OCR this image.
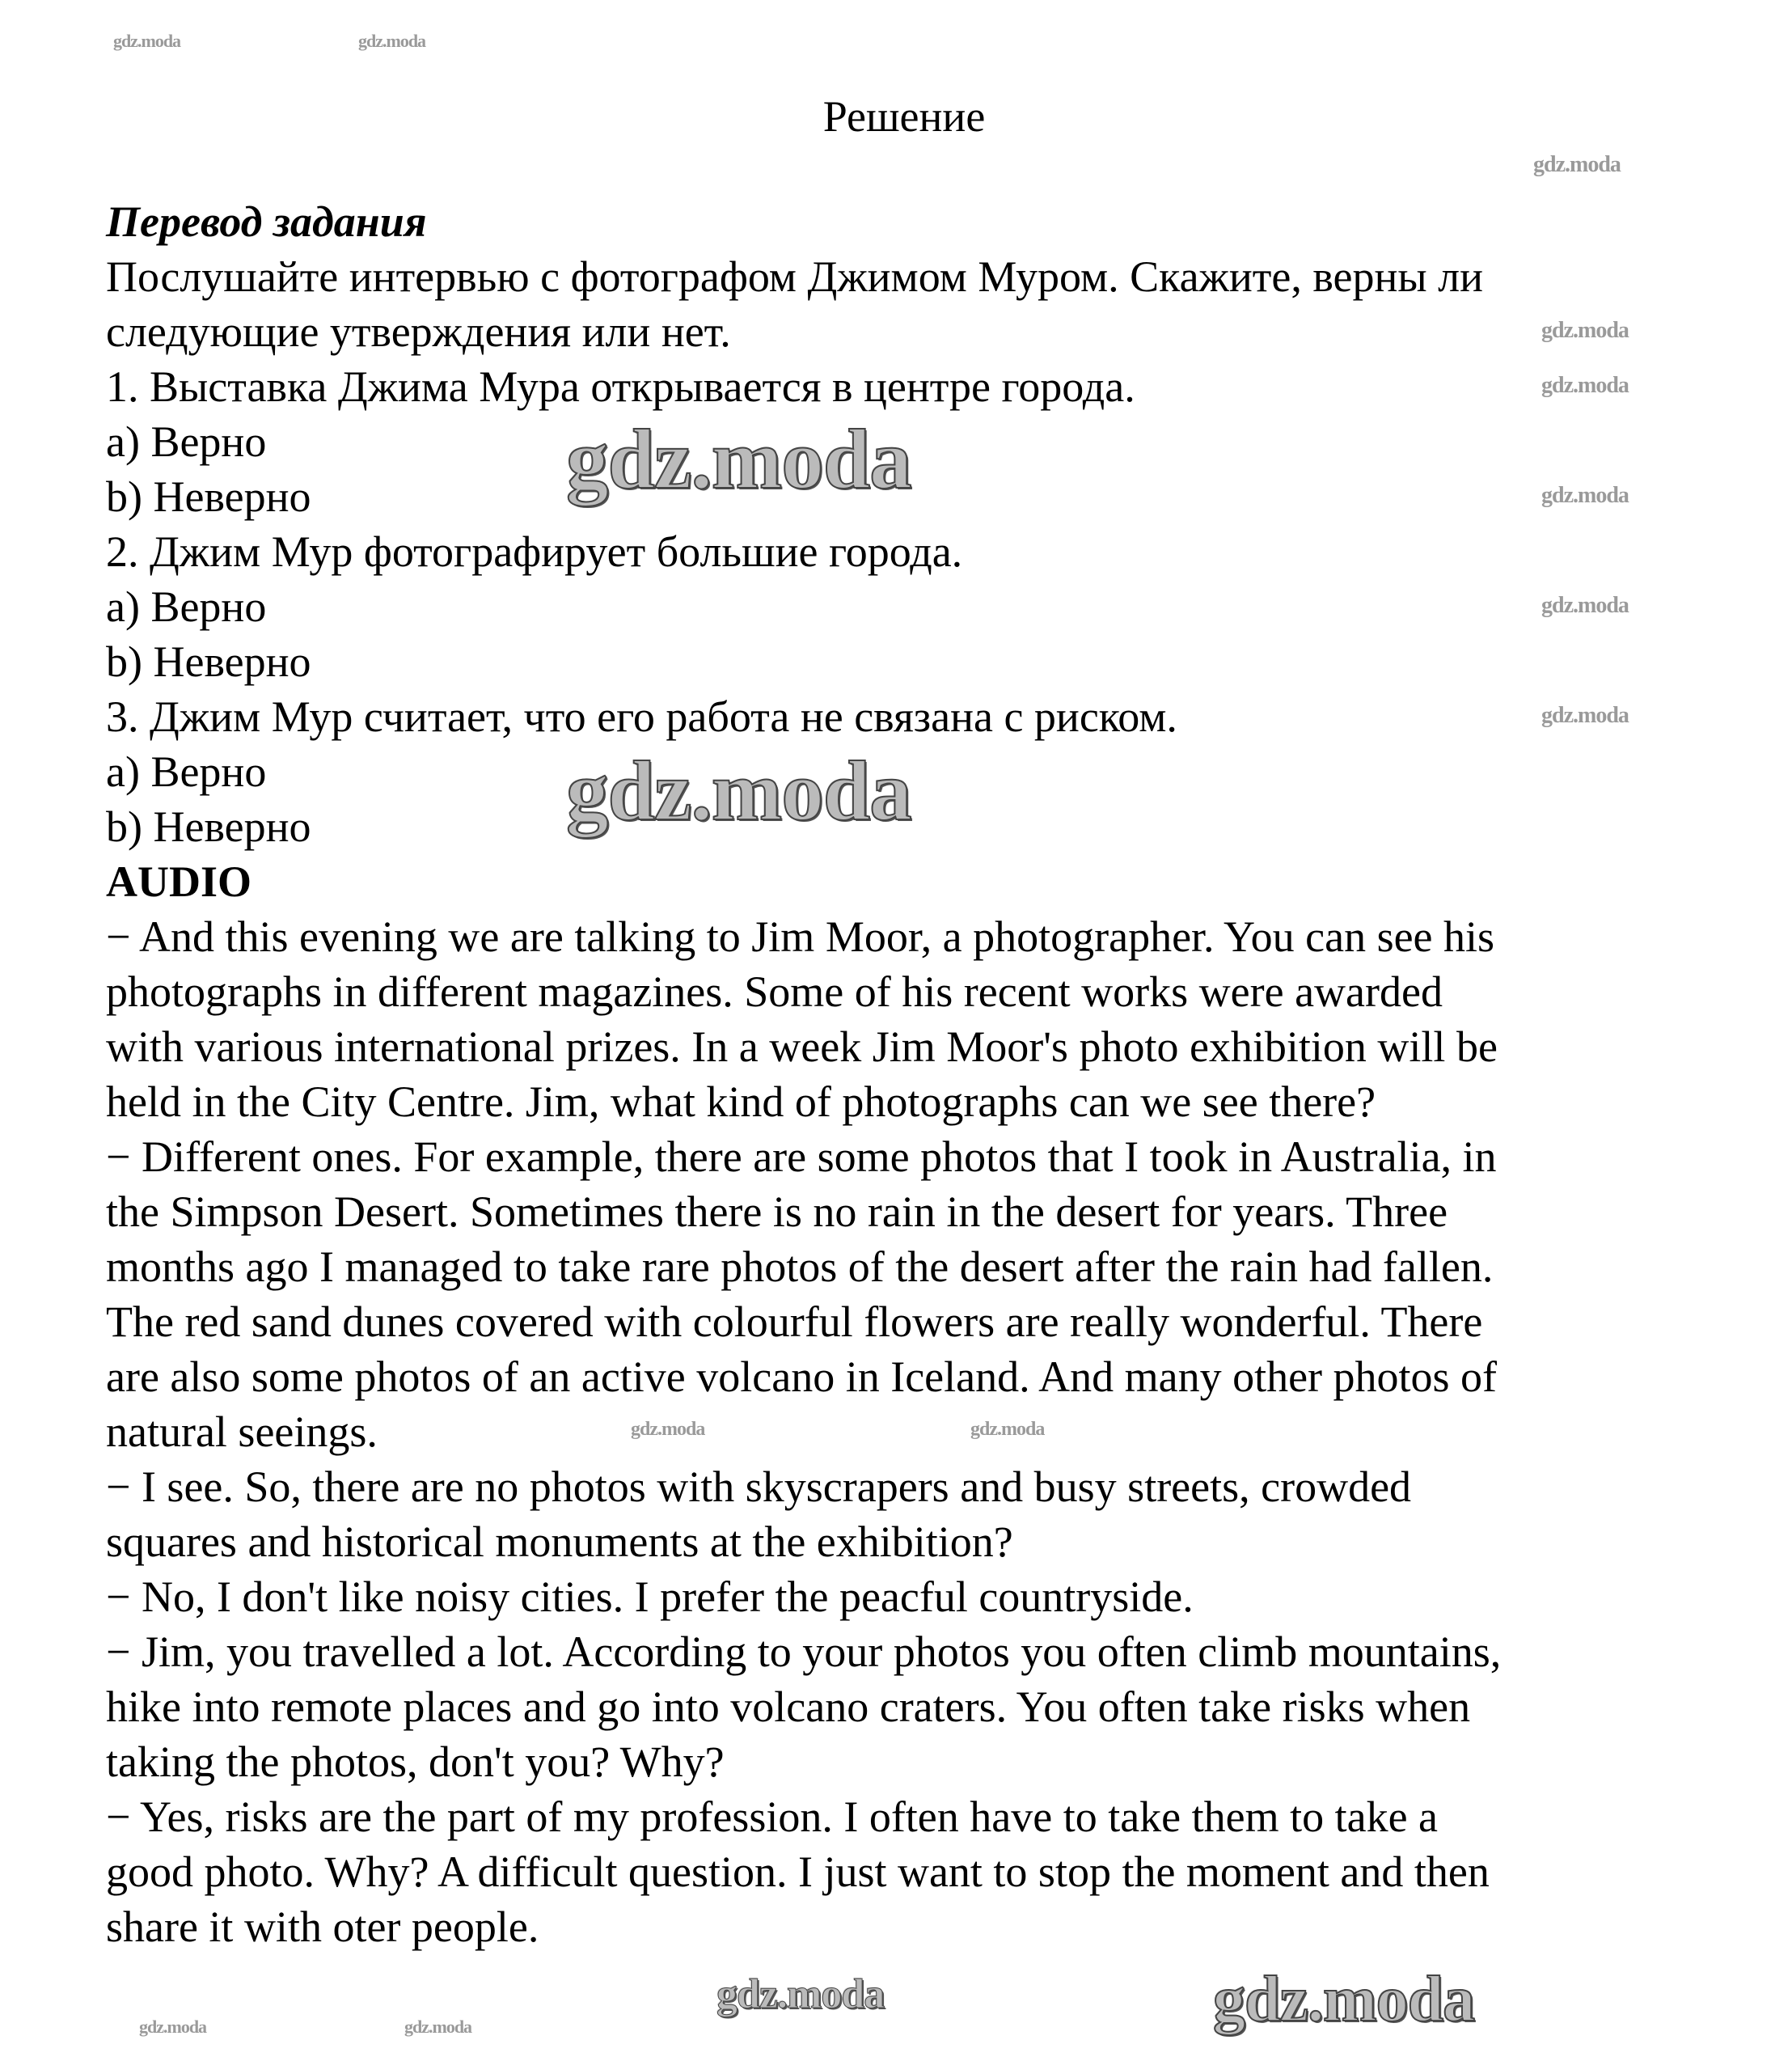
Решение
Перевод задания
Послушайте интервью с фотографом Джимом Муром. Скажите, верны ли
следующие утверждения или нет.
1. Выставка Джима Мура открывается в центре города.
a) Верно
b) Неверно
2. Джим Мур фотографирует большие города.
a) Верно
b) Неверно
3. Джим Мур считает, что его работа не связана с риском.
a) Верно
b) Неверно
AUDIO
− And this evening we are talking to Jim Moor, a photographer. You can see his
photographs in different magazines. Some of his recent works were awarded
with various international prizes. In a week Jim Moor's photo exhibition will be
held in the City Centre. Jim, what kind of photographs can we see there?
− Different ones. For example, there are some photos that I took in Australia, in
the Simpson Desert. Sometimes there is no rain in the desert for years. Three
months ago I managed to take rare photos of the desert after the rain had fallen.
The red sand dunes covered with colourful flowers are really wonderful. There
are also some photos of an active volcano in Iceland. And many other photos of
natural seeings.
− I see. So, there are no photos with skyscrapers and busy streets, crowded
squares and historical monuments at the exhibition?
− No, I don't like noisy cities. I prefer the peacful countryside.
− Jim, you travelled a lot. According to your photos you often climb mountains,
hike into remote places and go into volcano craters. You often take risks when
taking the photos, don't you? Why?
− Yes, risks are the part of my profession. I often have to take them to take a
good photo. Why? A difficult question. I just want to stop the moment and then
share it with oter people.
gdz.moda
gdz.moda
gdz.moda
gdz.moda
gdz.moda
gdz.moda
gdz.moda
gdz.moda
gdz.moda
gdz.moda
gdz.moda	gdz.moda
gdz.moda	gdz.moda
gdz.moda	gdz.moda
